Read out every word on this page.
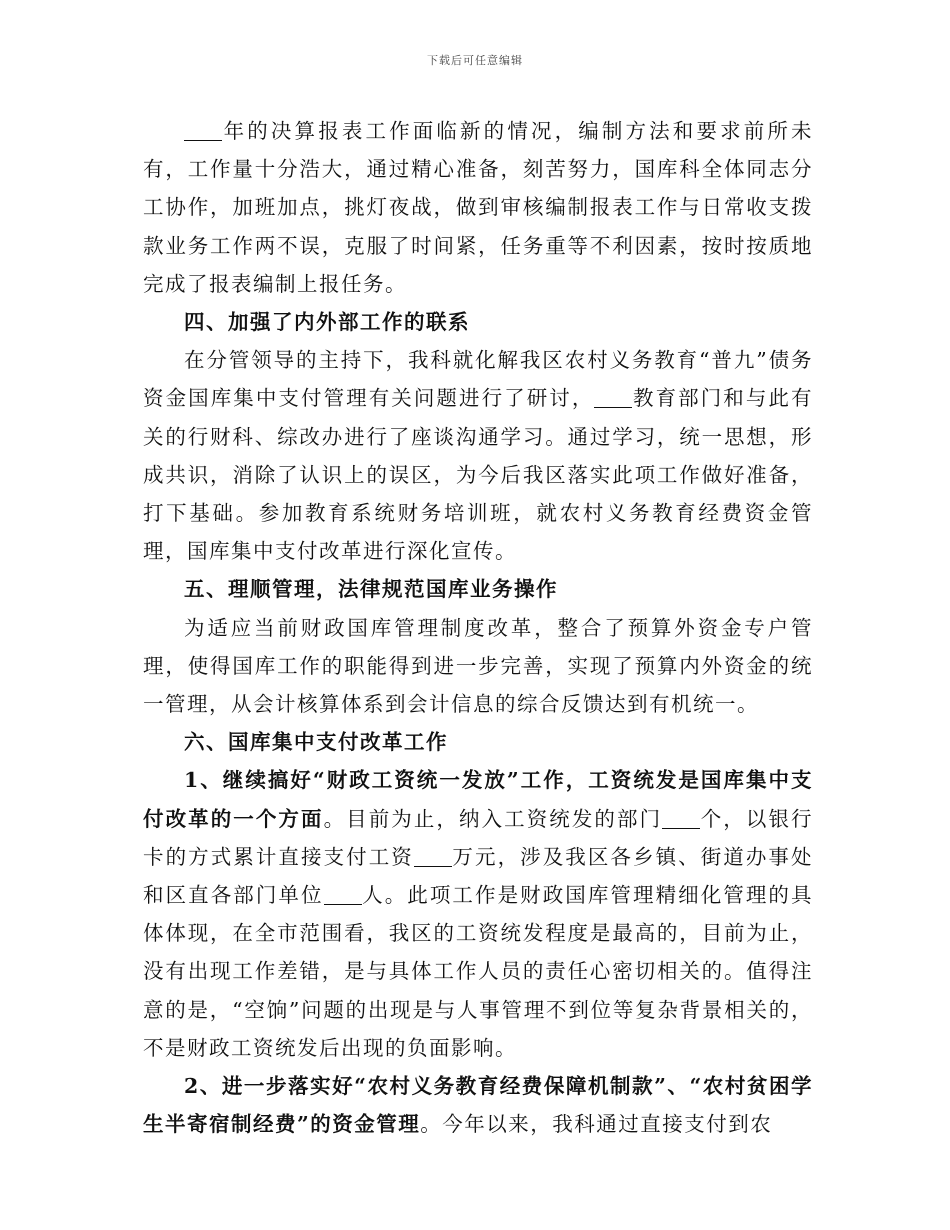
下载后可任意编辑

年的决算报表工作面临新的情况，编制方法和要求前所未有，工作量十分浩大，通过精心准备，刻苦努力，国库科全体同志分工协作，加班加点，挑灯夜战，做到审核编制报表工作与日常收支拨款业务工作两不误，克服了时间紧，任务重等不利因素，按时按质地完成了报表编制上报任务。

四、加强了内外部工作的联系

在分管领导的主持下，我科就化解我区农村义务教育“普九”债务资金国库集中支付管理有关问题进行了研讨， 教育部门和与此有关的行财科、综改办进行了座谈沟通学习。通过学习，统一思想，形成共识，消除了认识上的误区，为今后我区落实此项工作做好准备，打下基础。参加教育系统财务培训班，就农村义务教育经费资金管理，国库集中支付改革进行深化宣传。

五、理顺管理，法律规范国库业务操作

为适应当前财政国库管理制度改革，整合了预算外资金专户管理，使得国库工作的职能得到进一步完善，实现了预算内外资金的统一管理，从会计核算体系到会计信息的综合反馈达到有机统一。

六、国库集中支付改革工作

1、继续搞好“财政工资统一发放”工作，工资统发是国库集中支付改革的一个方面。目前为止，纳入工资统发的部门 个，以银行卡的方式累计直接支付工资 万元，涉及我区各乡镇、街道办事处和区直各部门单位 人。此项工作是财政国库管理精细化管理的具体体现，在全市范围看，我区的工资统发程度是最高的，目前为止，没有出现工作差错，是与具体工作人员的责任心密切相关的。值得注意的是，“空饷”问题的出现是与人事管理不到位等复杂背景相关的，不是财政工资统发后出现的负面影响。

2、进一步落实好“农村义务教育经费保障机制款”、“农村贫困学生半寄宿制经费”的资金管理。今年以来，我科通过直接支付到农
